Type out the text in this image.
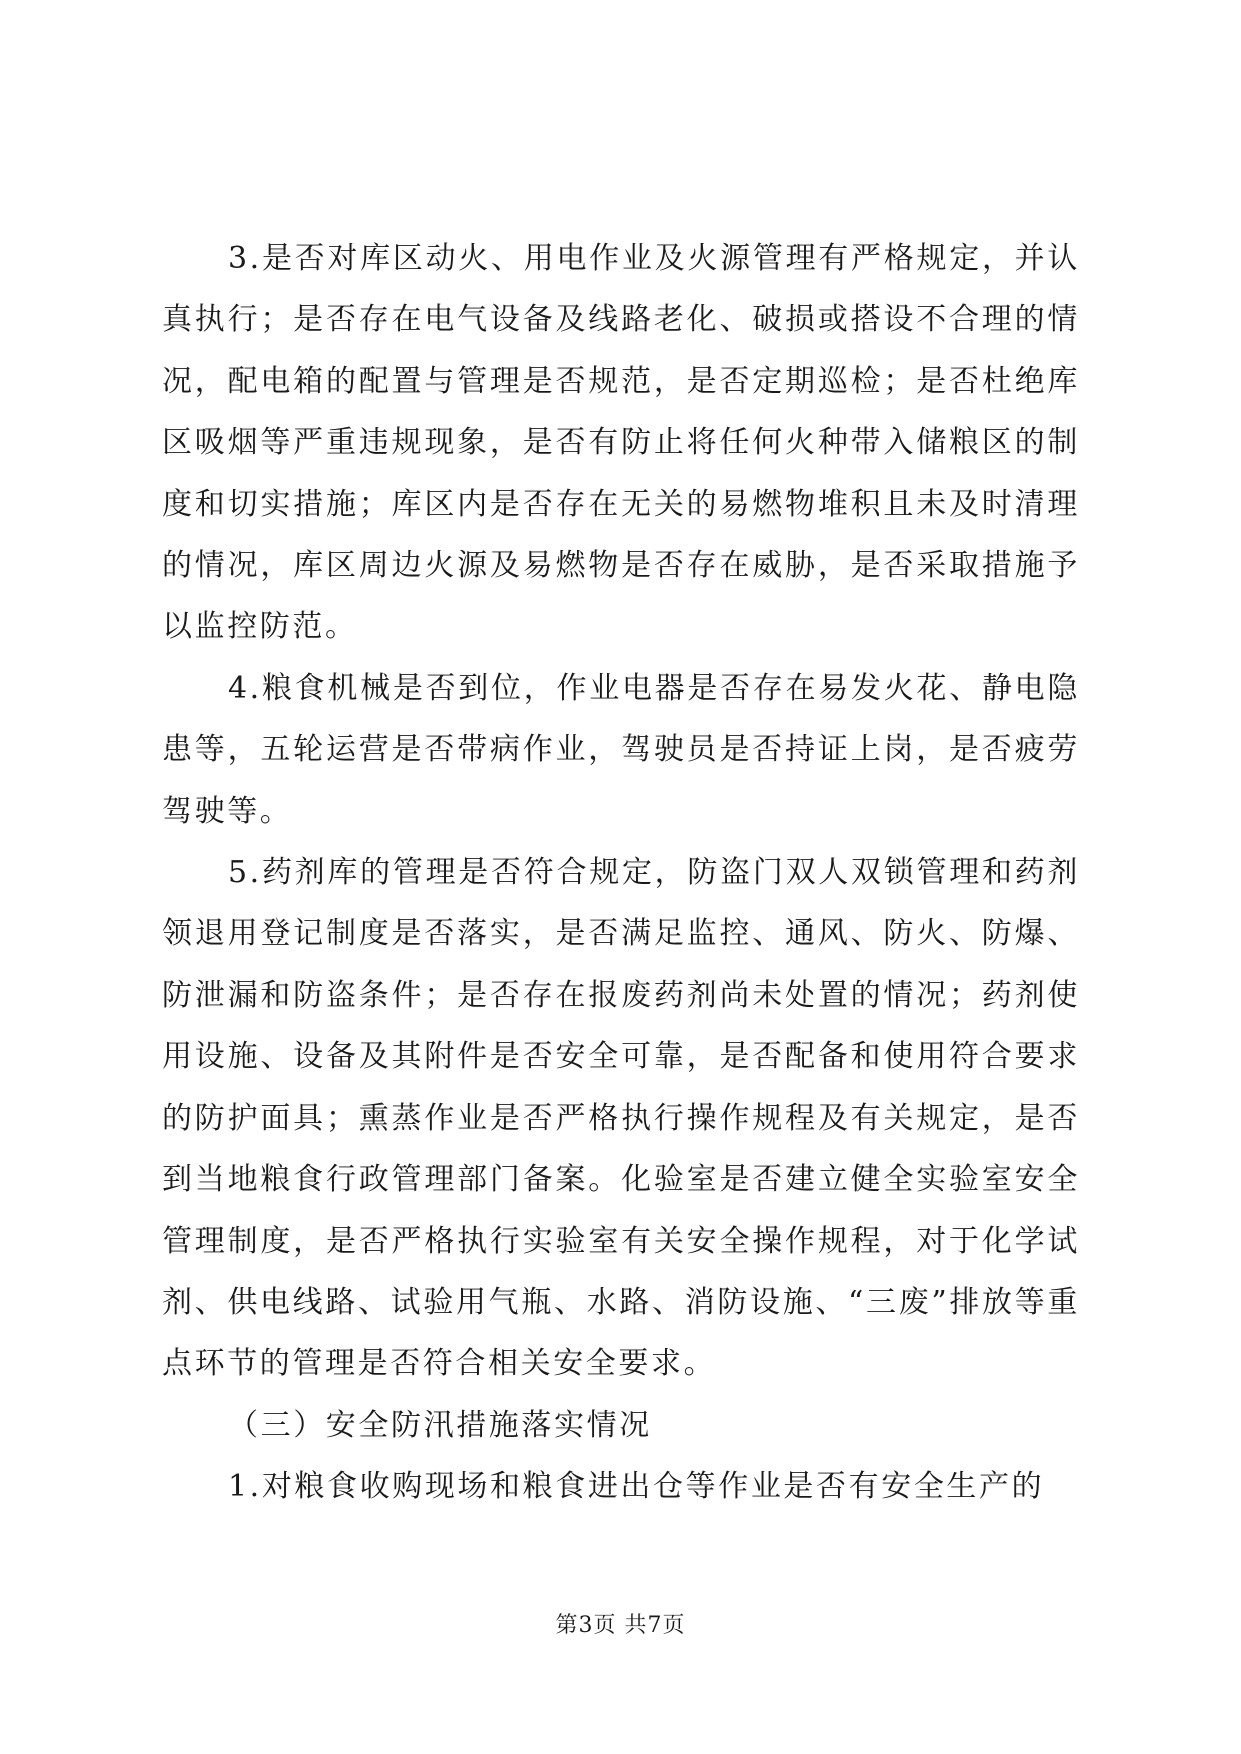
3.是否对库区动火、用电作业及火源管理有严格规定，并认真执行；是否存在电气设备及线路老化、破损或搭设不合理的情况，配电箱的配置与管理是否规范，是否定期巡检；是否杜绝库区吸烟等严重违规现象，是否有防止将任何火种带入储粮区的制度和切实措施；库区内是否存在无关的易燃物堆积且未及时清理的情况，库区周边火源及易燃物是否存在威胁，是否采取措施予以监控防范。

4.粮食机械是否到位，作业电器是否存在易发火花、静电隐患等，五轮运营是否带病作业，驾驶员是否持证上岗，是否疲劳驾驶等。

5.药剂库的管理是否符合规定，防盗门双人双锁管理和药剂领退用登记制度是否落实，是否满足监控、通风、防火、防爆、防泄漏和防盗条件；是否存在报废药剂尚未处置的情况；药剂使用设施、设备及其附件是否安全可靠，是否配备和使用符合要求的防护面具；熏蒸作业是否严格执行操作规程及有关规定，是否到当地粮食行政管理部门备案。化验室是否建立健全实验室安全管理制度，是否严格执行实验室有关安全操作规程，对于化学试剂、供电线路、试验用气瓶、水路、消防设施、“三废”排放等重点环节的管理是否符合相关安全要求。

（三）安全防汛措施落实情况

1.对粮食收购现场和粮食进出仓等作业是否有安全生产的

第3页 共7页
